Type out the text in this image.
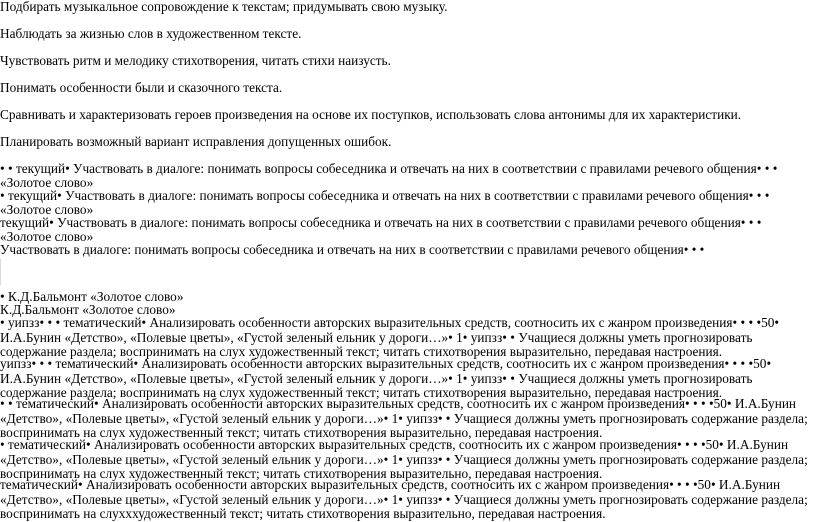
Подбирать музыкальное сопровождение к текстам; придумывать свою музыку.

Наблюдать за жизнью слов в художественном тексте.

Чувствовать ритм и мелодику стихотворения, читать стихи наизусть.

Понимать особенности были и сказочного текста.

Сравнивать и характеризовать героев произведения на основе их поступков, использовать слова антонимы для их характеристики.

Планировать возможный вариант исправления допущенных ошибок.

• • текущий• Участвовать в диалоге: понимать вопросы собеседника и отвечать на них в соответствии с правилами речевого общения• • •

«Золотое слово»

• текущий• Участвовать в диалоге: понимать вопросы собеседника и отвечать на них в соответствии с правилами речевого общения• • •

«Золотое слово»

текущий• Участвовать в диалоге: понимать вопросы собеседника и отвечать на них в соответствии с правилами речевого общения• • •

«Золотое слово»

Участвовать в диалоге: понимать вопросы собеседника и отвечать на них в соответствии с правилами речевого общения• • •

• К.Д.Бальмонт «Золотое слово»

К.Д.Бальмонт «Золотое слово»

• уипзз• • • тематический• Анализировать особенности авторских выразительных средств, соотносить их с жанром произведения• • • •50• И.А.Бунин «Детство», «Полевые цветы», «Густой зеленый ельник у дороги…»• 1• уипзз• • Учащиеся должны уметь прогнозировать содержание раздела; воспринимать на слух художественный текст; читать стихотворения выразительно, передавая настроения.

уипзз• • • тематический• Анализировать особенности авторских выразительных средств, соотносить их с жанром произведения• • • •50• И.А.Бунин «Детство», «Полевые цветы», «Густой зеленый ельник у дороги…»• 1• уипзз• • Учащиеся должны уметь прогнозировать содержание раздела; воспринимать на слух художественный текст; читать стихотворения выразительно, передавая настроения.

• • тематический• Анализировать особенности авторских выразительных средств, соотносить их с жанром произведения• • • •50• И.А.Бунин «Детство», «Полевые цветы», «Густой зеленый ельник у дороги…»• 1• уипзз• • Учащиеся должны уметь прогнозировать содержание раздела; воспринимать на слух художественный текст; читать стихотворения выразительно, передавая настроения.

• тематический• Анализировать особенности авторских выразительных средств, соотносить их с жанром произведения• • • •50• И.А.Бунин «Детство», «Полевые цветы», «Густой зеленый ельник у дороги…»• 1• уипзз• • Учащиеся должны уметь прогнозировать содержание раздела; воспринимать на слух художественный текст; читать стихотворения выразительно, передавая настроения.

тематический• Анализировать особенности авторских выразительных средств, соотносить их с жанром произведения• • • •50• И.А.Бунин «Детство», «Полевые цветы», «Густой зеленый ельник у дороги…»• 1• уипзз• • Учащиеся должны уметь прогнозировать содержание раздела; воспринимать на слухххудожественный текст; читать стихотворения выразительно, передавая настроения.
